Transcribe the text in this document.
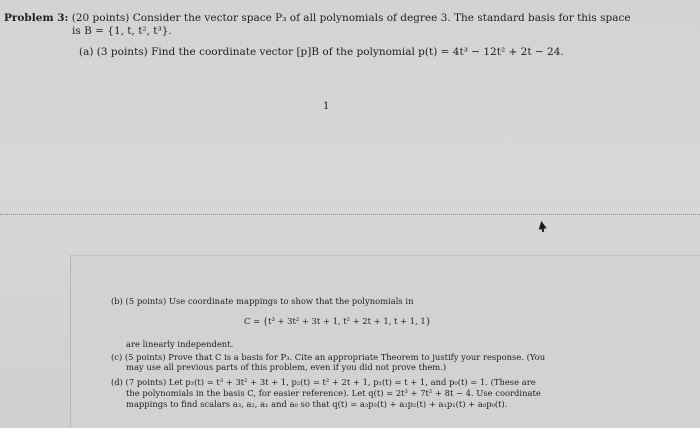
Problem 3: (20 points) Consider the vector space P₃ of all polynomials of degree 3. The standard basis for this space
is B = {1, t, t², t³}.
(a) (3 points) Find the coordinate vector [p]B of the polynomial p(t) = 4t³ − 12t² + 2t − 24.
1
(b) (5 points) Use coordinate mappings to show that the polynomials in
C = {t³ + 3t² + 3t + 1, t² + 2t + 1, t + 1, 1}
are linearly independent.
(c) (5 points) Prove that C is a basis for P₃. Cite an appropriate Theorem to justify your response. (You
may use all previous parts of this problem, even if you did not prove them.)
(d) (7 points) Let p₃(t) = t³ + 3t² + 3t + 1, p₂(t) = t² + 2t + 1, p₁(t) = t + 1, and p₀(t) = 1. (These are
the polynomials in the basis C, for easier reference). Let q(t) = 2t³ + 7t² + 8t − 4. Use coordinate
mappings to find scalars a₃, a₂, a₁ and a₀ so that q(t) = a₃p₃(t) + a₂p₂(t) + a₁p₁(t) + a₀p₀(t).
